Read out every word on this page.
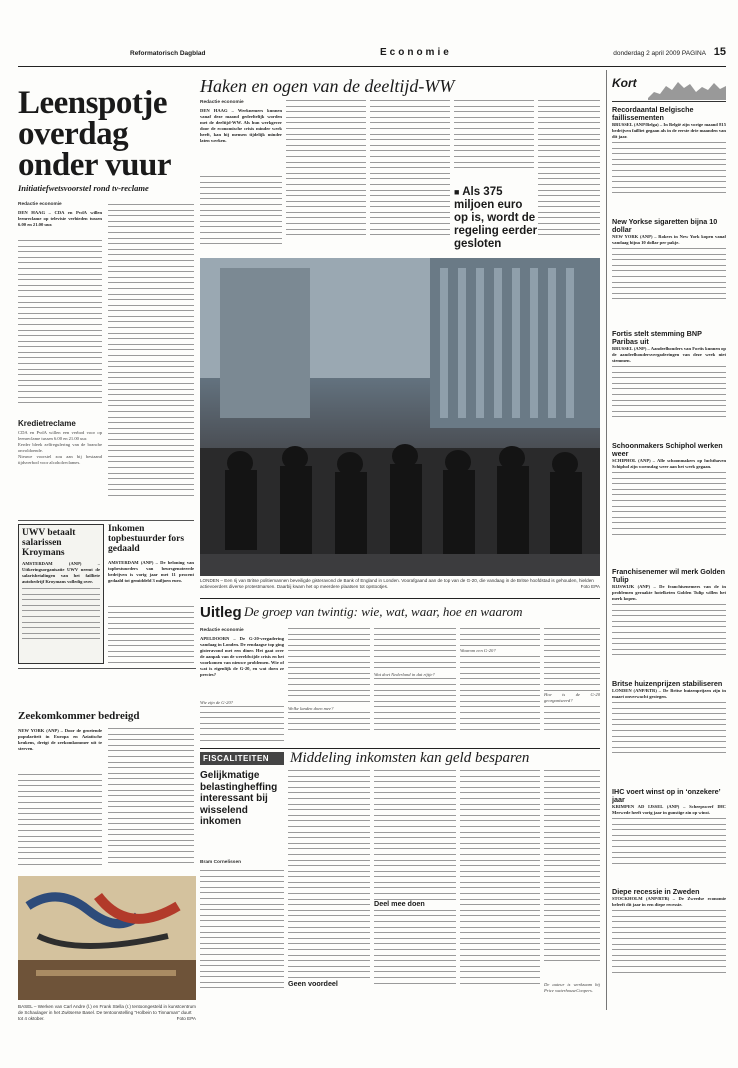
Reformatorisch Dagblad	Economie	donderdag 2 april 2009 PAGINA 15
Leenspotje overdag onder vuur
Initiatiefwetsvoorstel rond tv-reclame
Redactie economie
DEN HAAG – CDA en PvdA willen leenreclame op televisie verbieden tussen 6.00 en 21.00 uur.
Kredietreclame
CDA en PvdA willen een verbod voor op leenreclame tussen 6.00 en 21.00 uur.
Eerder bleek zelfregulering van de branche onvoldoende.
Nieuwe voorstel zou aan bij bestaand tijdsverbod voor alcoholreclames.
UWV betaalt salarissen Kroymans
AMSTERDAM (ANP) – Uitkeringsorganisatie UWV neemt de salarisbetalingen van het failliete autobedrijf Kroymans volledig over.
Inkomen topbestuurder fors gedaald
AMSTERDAM (ANP) – De beloning van topbestuurders van beursgenoteerde bedrijven is vorig jaar met 11 procent gedaald tot gemiddeld 3 miljoen euro.
Haken en ogen van de deeltijd-WW
Redactie economie
DEN HAAG – Werknemers kunnen vanaf deze maand gedeeltelijk worden met de deeltijd-WW. Als hun werkgever door de economische crisis minder werk heeft, kan hij mensen tijdelijk minder laten werken.
■ Als 375 miljoen euro op is, wordt de regeling eerder gesloten
LONDEN – Een rij van Britse politiemannen beveiligde gisteravond de Bank of England in Londen. Voorafgaand aan de top van de G-20, die vandaag in de Britse hoofdstad is gehouden, hielden actievoerders diverse protestmarsen. Daarbij kwam het op meerdere plaatsen tot opstootjes.	Foto EPA
Uitleg De groep van twintig: wie, wat, waar, hoe en waarom
Redactie economie
APELDOORN – De G-20-vergadering vandaag in Londen. De eendaagse top ging gisteravond met een diner. Het gaat over de aanpak van de wereldwijde crisis en het voorkomen van nieuwe problemen. Wie of wat is eigenlijk de G-20, en wat doen ze precies?
Wie zijn de G-20?
Welke landen doen mee?
Wat doet Nederland in dat rijtje?
Waarom een G-20?
Hoe is de G-20 georganiseerd?
Zeekomkommer bedreigd
NEW YORK (ANP) – Door de groeiende populariteit in Europa en Aziatische keukens, dreigt de zeekomkommer uit te sterven.
BASEL – Werken van Carl Andre (l.) en Frank Stella (r.) tentoongesteld in kunstcentrum de Schaulager in het Zwitserse Basel. De tentoonstelling "Holbein to Tinnaman" duurt tot 4 oktober.	Foto EPA
FISCALITEITEN	Middeling inkomsten kan geld besparen
Gelijkmatige belastingheffing interessant bij wisselend inkomen
Bram Cornelissen
Geen voordeel
Deel mee doen
De auteur is werkzaam bij Price waterhouseCoopers.
Kort
Recordaantal Belgische faillissementen
BRUSSEL (ANP/Belga) – In België zijn vorige maand 815 bedrijven failliet gegaan als in de eerste drie maanden van dit jaar.
New Yorkse sigaretten bijna 10 dollar
NEW YORK (ANP) – Rokers in New York kopen vanaf vandaag bijna 10 dollar per pakje.
Fortis stelt stemming BNP Paribas uit
BRUSSEL (ANP) – Aandeelhouders van Fortis kunnen op de aandeelhoudersvergaderingen van deze week niet stemmen.
Schoonmakers Schiphol werken weer
SCHIPHOL (ANP) – Alle schoonmakers op luchthaven Schiphol zijn woensdag weer aan het werk gegaan.
Franchisenemer wil merk Golden Tulip
RIJSWIJK (ANP) – De franchisenemers van de in problemen geraakte hotelketen Golden Tulip willen het merk kopen.
Britse huizenprijzen stabiliseren
LONDEN (ANP/RTR) – De Britse huizenprijzen zijn in maart onverwacht gestegen.
IHC voert winst op in ‘onzekere’ jaar
KRIMPEN AD IJSSEL (ANP) – Scheepswerf IHC Merwede heeft vorig jaar in gunstige zin op winst.
Diepe recessie in Zweden
STOCKHOLM (ANP/RTR) – De Zweedse economie beleeft dit jaar in een diepe recessie.
